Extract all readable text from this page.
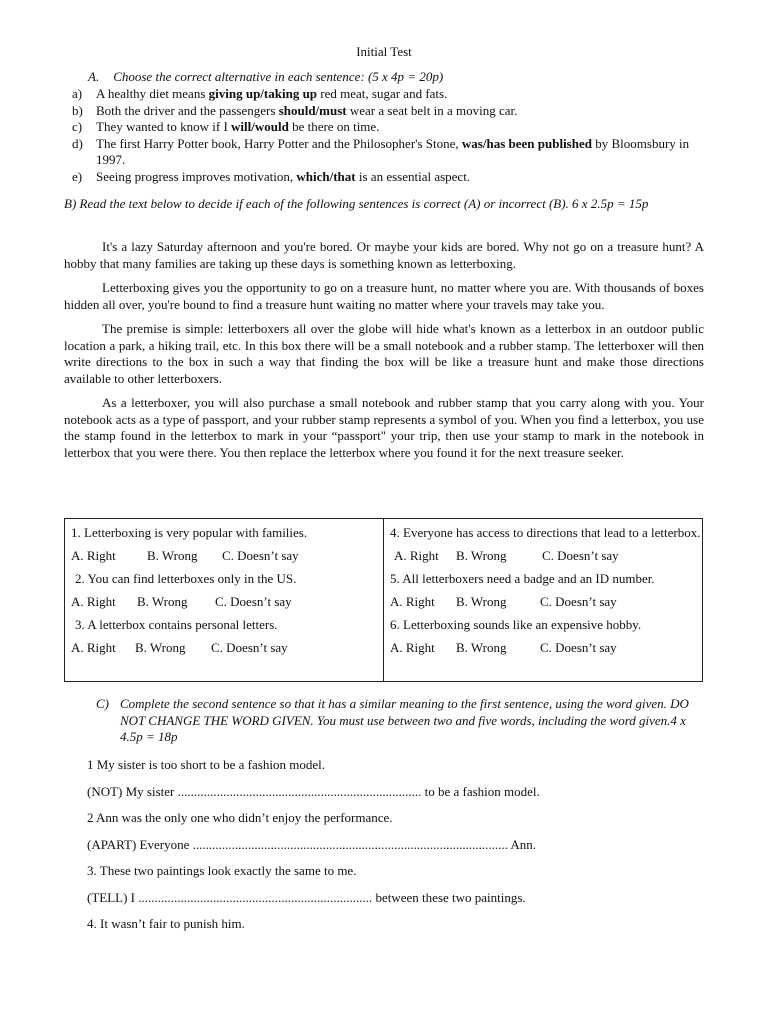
Initial Test
A. Choose the correct alternative in each sentence: (5 x 4p = 20p)
a)	A healthy diet means giving up/taking up red meat, sugar and fats.
b)	Both the driver and the passengers should/must wear a seat belt in a moving car.
c)	They wanted to know if I will/would be there on time.
d)	The first Harry Potter book, Harry Potter and the Philosopher's Stone, was/has been published by Bloomsbury in 1997.
e)	Seeing progress improves motivation, which/that is an essential aspect.
B) Read the text below to decide if each of the following sentences is correct (A) or incorrect (B). 6 x 2.5p = 15p

It's a lazy Saturday afternoon and you're bored. Or maybe your kids are bored. Why not go on a treasure hunt? A hobby that many families are taking up these days is something known as letterboxing.

Letterboxing gives you the opportunity to go on a treasure hunt, no matter where you are. With thousands of boxes hidden all over, you're bound to find a treasure hunt waiting no matter where your travels may take you.

The premise is simple: letterboxers all over the globe will hide what's known as a letterbox in an outdoor public location a park, a hiking trail, etc. In this box there will be a small notebook and a rubber stamp. The letterboxer will then write directions to the box in such a way that finding the box will be like a treasure hunt and make those directions available to other letterboxers.

As a letterboxer, you will also purchase a small notebook and rubber stamp that you carry along with you. Your notebook acts as a type of passport, and your rubber stamp represents a symbol of you. When you find a letterbox, you use the stamp found in the letterbox to mark in your “passport" your trip, then use your stamp to mark in the notebook in letterbox that you were there. You then replace the letterbox where you found it for the next treasure seeker.

1. Letterboxing is very popular with families.
A. Right B. Wrong C. Doesn’t say
2. You can find letterboxes only in the US.
A. Right B. Wrong C. Doesn’t say
3. A letterbox contains personal letters.
A. Right B. Wrong C. Doesn’t say

4. Everyone has access to directions that lead to a letterbox.
A. Right B. Wrong	C. Doesn’t say
5. All letterboxers need a badge and an ID number.
A. Right B. Wrong	C. Doesn’t say
6. Letterboxing sounds like an expensive hobby.
A. Right B. Wrong	C. Doesn’t say
C) Complete the second sentence so that it has a similar meaning to the first sentence, using the word given. DO NOT CHANGE THE WORD GIVEN. You must use between two and five words, including the word given.4 x 4.5p = 18p
1 My sister is too short to be a fashion model.
(NOT) My sister ........................................................................... to be a fashion model.
2 Ann was the only one who didn’t enjoy the performance.
(APART) Everyone ................................................................................................. Ann.
3. These two paintings look exactly the same to me.
(TELL) I ........................................................................ between these two paintings.
4. It wasn’t fair to punish him.
